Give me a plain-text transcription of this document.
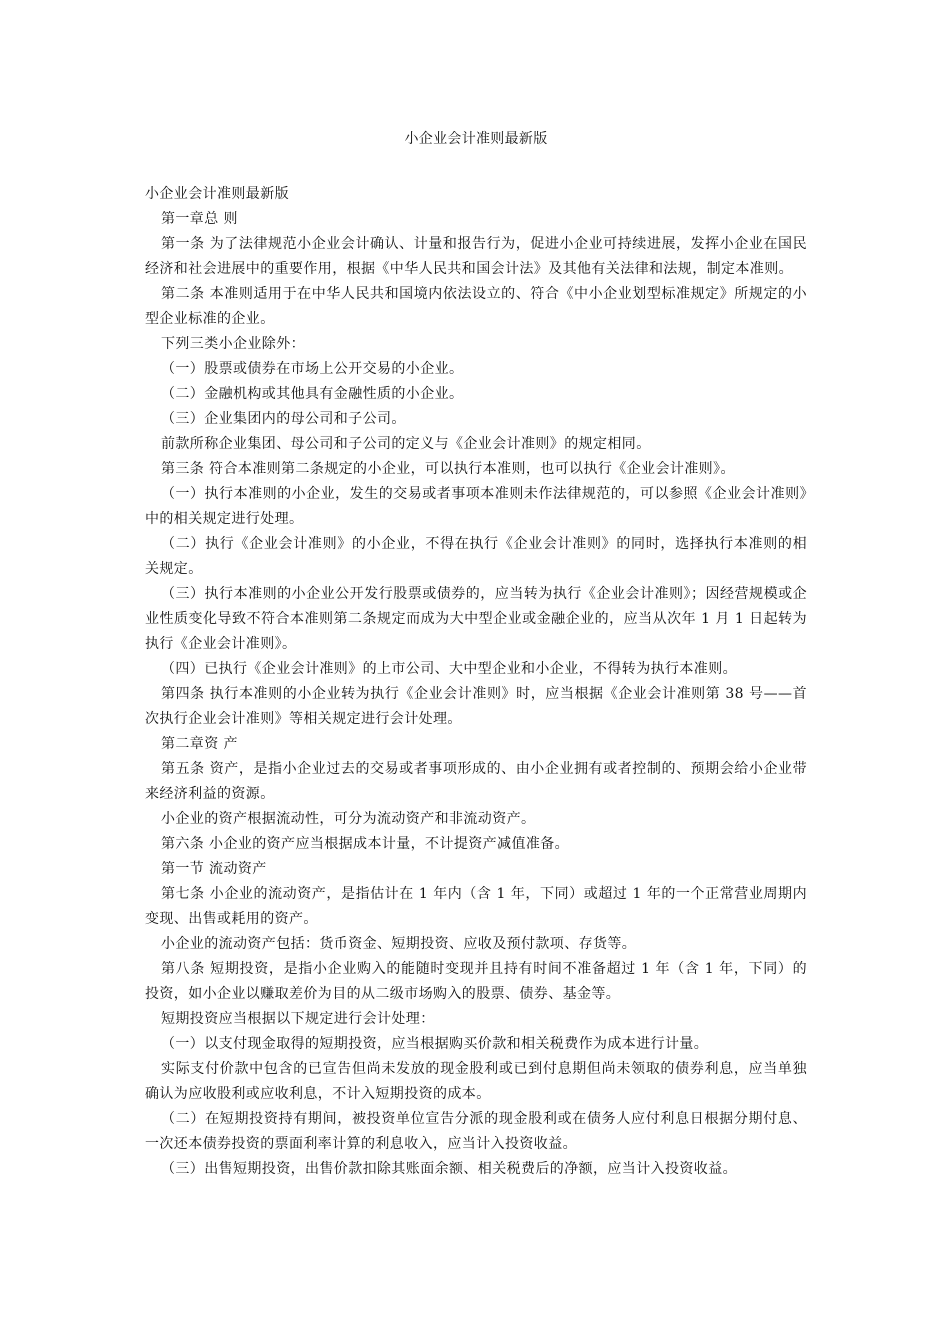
小企业会计准则最新版

小企业会计准则最新版

第一章总 则

第一条 为了法律规范小企业会计确认、计量和报告行为，促进小企业可持续进展，发挥小企业在国民经济和社会进展中的重要作用，根据《中华人民共和国会计法》及其他有关法律和法规，制定本准则。

第二条 本准则适用于在中华人民共和国境内依法设立的、符合《中小企业划型标准规定》所规定的小型企业标准的企业。

下列三类小企业除外：

（一）股票或债券在市场上公开交易的小企业。

（二）金融机构或其他具有金融性质的小企业。

（三）企业集团内的母公司和子公司。

前款所称企业集团、母公司和子公司的定义与《企业会计准则》的规定相同。

第三条 符合本准则第二条规定的小企业，可以执行本准则，也可以执行《企业会计准则》。

（一）执行本准则的小企业，发生的交易或者事项本准则未作法律规范的，可以参照《企业会计准则》中的相关规定进行处理。

（二）执行《企业会计准则》的小企业，不得在执行《企业会计准则》的同时，选择执行本准则的相关规定。

（三）执行本准则的小企业公开发行股票或债券的，应当转为执行《企业会计准则》；因经营规模或企业性质变化导致不符合本准则第二条规定而成为大中型企业或金融企业的，应当从次年 1 月 1 日起转为执行《企业会计准则》。

（四）已执行《企业会计准则》的上市公司、大中型企业和小企业，不得转为执行本准则。

第四条 执行本准则的小企业转为执行《企业会计准则》时，应当根据《企业会计准则第 38 号——首次执行企业会计准则》等相关规定进行会计处理。

第二章资 产

第五条 资产，是指小企业过去的交易或者事项形成的、由小企业拥有或者控制的、预期会给小企业带来经济利益的资源。

小企业的资产根据流动性，可分为流动资产和非流动资产。

第六条 小企业的资产应当根据成本计量，不计提资产减值准备。

第一节 流动资产

第七条 小企业的流动资产，是指估计在 1 年内（含 1 年，下同）或超过 1 年的一个正常营业周期内变现、出售或耗用的资产。

小企业的流动资产包括：货币资金、短期投资、应收及预付款项、存货等。

第八条 短期投资，是指小企业购入的能随时变现并且持有时间不准备超过 1 年（含 1 年，下同）的投资，如小企业以赚取差价为目的从二级市场购入的股票、债券、基金等。

短期投资应当根据以下规定进行会计处理：

（一）以支付现金取得的短期投资，应当根据购买价款和相关税费作为成本进行计量。

实际支付价款中包含的已宣告但尚未发放的现金股利或已到付息期但尚未领取的债券利息，应当单独确认为应收股利或应收利息，不计入短期投资的成本。

（二）在短期投资持有期间，被投资单位宣告分派的现金股利或在债务人应付利息日根据分期付息、一次还本债券投资的票面利率计算的利息收入，应当计入投资收益。

（三）出售短期投资，出售价款扣除其账面余额、相关税费后的净额，应当计入投资收益。
